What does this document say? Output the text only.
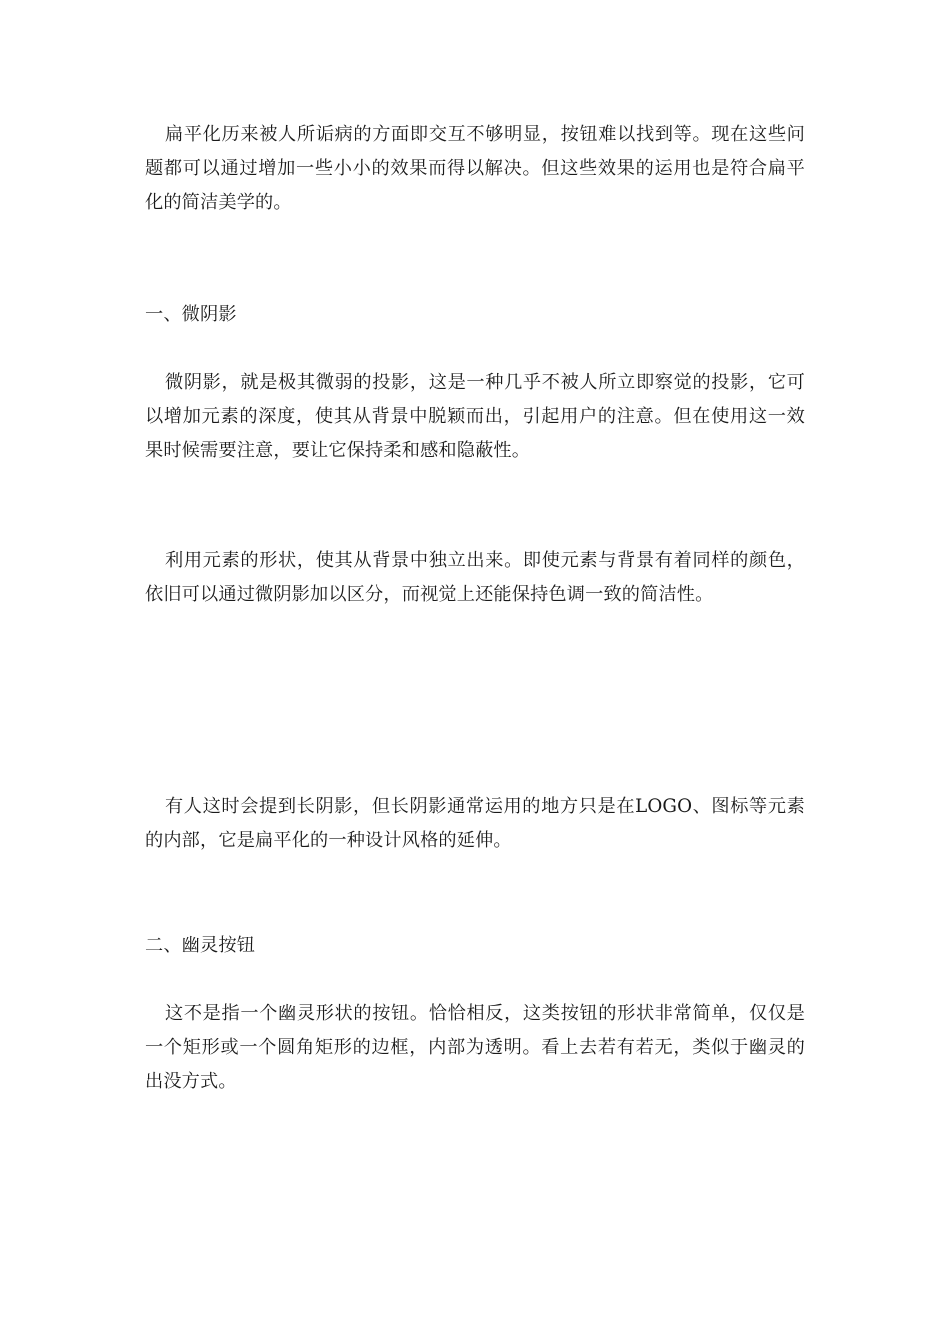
扁平化历来被人所诟病的方面即交互不够明显，按钮难以找到等。现在这些问题都可以通过增加一些小小的效果而得以解决。但这些效果的运用也是符合扁平化的简洁美学的。

一、微阴影

微阴影，就是极其微弱的投影，这是一种几乎不被人所立即察觉的投影，它可以增加元素的深度，使其从背景中脱颖而出，引起用户的注意。但在使用这一效果时候需要注意，要让它保持柔和感和隐蔽性。

利用元素的形状，使其从背景中独立出来。即使元素与背景有着同样的颜色，依旧可以通过微阴影加以区分，而视觉上还能保持色调一致的简洁性。

有人这时会提到长阴影，但长阴影通常运用的地方只是在LOGO、图标等元素的内部，它是扁平化的一种设计风格的延伸。

二、幽灵按钮

这不是指一个幽灵形状的按钮。恰恰相反，这类按钮的形状非常简单，仅仅是一个矩形或一个圆角矩形的边框，内部为透明。看上去若有若无，类似于幽灵的出没方式。
